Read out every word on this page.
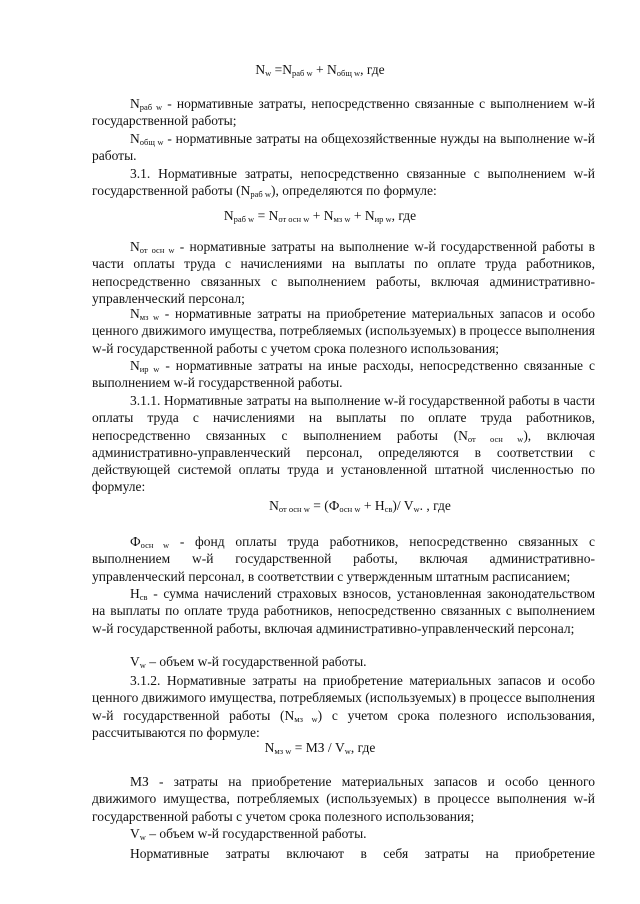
$N_w =N_{раб w} + N_{общ w}$, где

$N_{раб w}$ - нормативные затраты, непосредственно связанные с выполнением w-й государственной работы;

$N_{общ w}$ - нормативные затраты на общехозяйственные нужды на выполнение w-й работы.

3.1. Нормативные затраты, непосредственно связанные с выполнением w-й государственной работы $(N_{раб w})$, определяются по формуле:

$N_{раб w} = N_{от осн w} + N_{мз w} + N_{ир w}$, где

$N_{от осн w}$ - нормативные затраты на выполнение w-й государственной работы в части оплаты труда с начислениями на выплаты по оплате труда работников, непосредственно связанных с выполнением работы, включая административно-управленческий персонал;

$N_{мз w}$ - нормативные затраты на приобретение материальных запасов и особо ценного движимого имущества, потребляемых (используемых) в процессе выполнения w-й государственной работы с учетом срока полезного использования;

$N_{ир w}$ - нормативные затраты на иные расходы, непосредственно связанные с выполнением w-й государственной работы.

3.1.1. Нормативные затраты на выполнение w-й государственной работы в части оплаты труда с начислениями на выплаты по оплате труда работников, непосредственно связанных с выполнением работы $(N_{от осн w})$, включая административно-управленческий персонал, определяются в соответствии с действующей системой оплаты труда и установленной штатной численностью по формуле:

$N_{от осн w} = (Ф_{осн w} + Н_{св})/$ $V_w$. , где

$Ф_{осн w}$ - фонд оплаты труда работников, непосредственно связанных с выполнением w-й государственной работы, включая административно-управленческий персонал, в соответствии с утвержденным штатным расписанием;

$Н_{св}$ - сумма начислений страховых взносов, установленная законодательством на выплаты по оплате труда работников, непосредственно связанных с выполнением w-й государственной работы, включая административно-управленческий персонал;

$V_w$ – объем w-й государственной работы.

3.1.2. Нормативные затраты на приобретение материальных запасов и особо ценного движимого имущества, потребляемых (используемых) в процессе выполнения w-й государственной работы $(N_{мз w})$ с учетом срока полезного использования, рассчитываются по формуле:

$N_{мз w}$ = МЗ / $V_w$, где

МЗ - затраты на приобретение материальных запасов и особо ценного движимого имущества, потребляемых (используемых) в процессе выполнения w-й государственной работы с учетом срока полезного использования;

$V_w$ – объем w-й государственной работы.

Нормативные затраты включают в себя затраты на приобретение
